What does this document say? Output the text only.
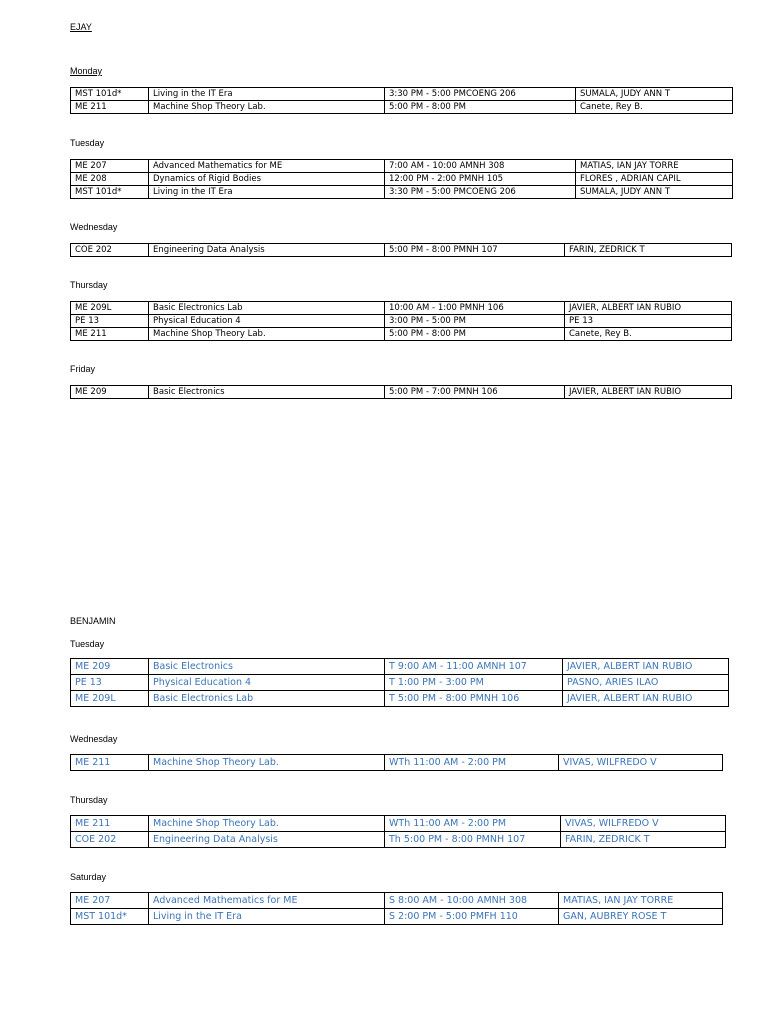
EJAY
Monday
MST 101d*	Living in the IT Era	3:30 PM - 5:00 PMCOENG 206	SUMALA, JUDY ANN T
ME 211	Machine Shop Theory Lab.	5:00 PM - 8:00 PM	Canete, Rey B.
Tuesday
ME 207	Advanced Mathematics for ME	7:00 AM - 10:00 AMNH 308	MATIAS, IAN JAY TORRE
ME 208	Dynamics of Rigid Bodies	12:00 PM - 2:00 PMNH 105	FLORES , ADRIAN CAPIL
MST 101d*	Living in the IT Era	3:30 PM - 5:00 PMCOENG 206	SUMALA, JUDY ANN T
Wednesday
COE 202	Engineering Data Analysis	5:00 PM - 8:00 PMNH 107	FARIN, ZEDRICK T
Thursday
ME 209L	Basic Electronics Lab	10:00 AM - 1:00 PMNH 106	JAVIER, ALBERT IAN RUBIO
PE 13	Physical Education 4	3:00 PM - 5:00 PM	PE 13
ME 211	Machine Shop Theory Lab.	5:00 PM - 8:00 PM	Canete, Rey B.
Friday
ME 209	Basic Electronics	5:00 PM - 7:00 PMNH 106	JAVIER, ALBERT IAN RUBIO
BENJAMIN
Tuesday
ME 209	Basic Electronics	T 9:00 AM - 11:00 AMNH 107	JAVIER, ALBERT IAN RUBIO
PE 13	Physical Education 4	T 1:00 PM - 3:00 PM	PASNO, ARIES ILAO
ME 209L	Basic Electronics Lab	T 5:00 PM - 8:00 PMNH 106	JAVIER, ALBERT IAN RUBIO
Wednesday
ME 211	Machine Shop Theory Lab.	WTh 11:00 AM - 2:00 PM	VIVAS, WILFREDO V
Thursday
ME 211	Machine Shop Theory Lab.	WTh 11:00 AM - 2:00 PM	VIVAS, WILFREDO V
COE 202	Engineering Data Analysis	Th 5:00 PM - 8:00 PMNH 107	FARIN, ZEDRICK T
Saturday
ME 207	Advanced Mathematics for ME	S 8:00 AM - 10:00 AMNH 308	MATIAS, IAN JAY TORRE
MST 101d*	Living in the IT Era	S 2:00 PM - 5:00 PMFH 110	GAN, AUBREY ROSE T
